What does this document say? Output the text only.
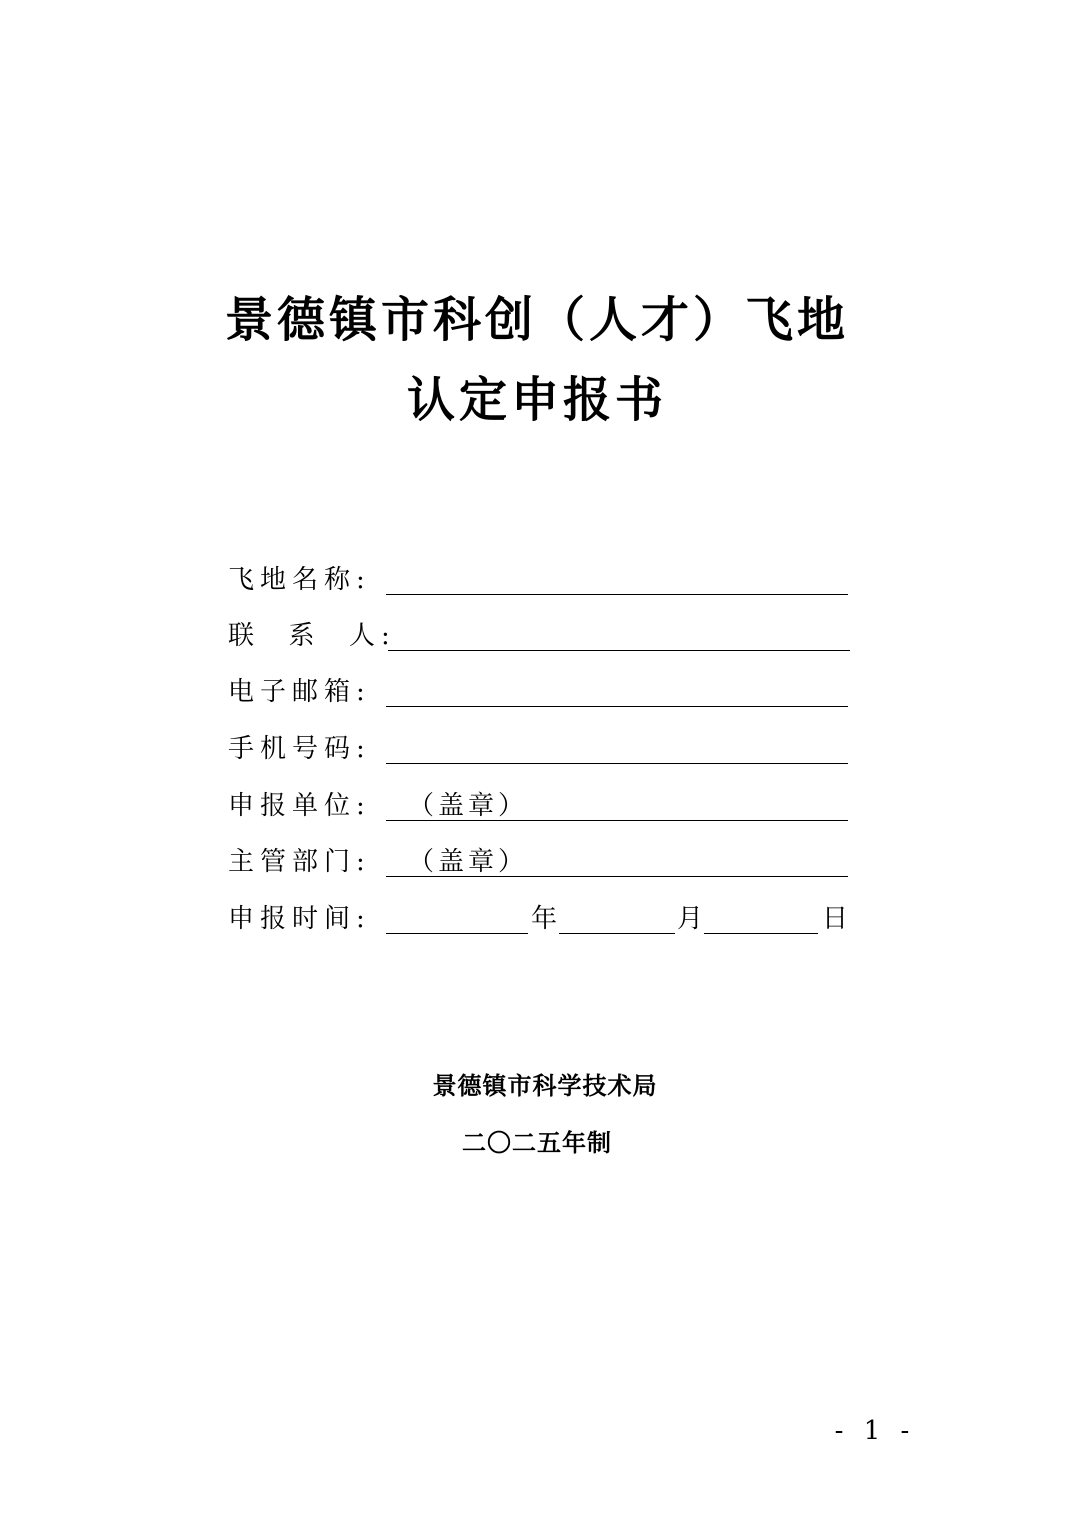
景德镇市科创（人才）飞地
认定申报书
飞地名称:
联  系  人:
电子邮箱:
手机号码:
申报单位: （盖章）
主管部门: （盖章）
申报时间:	年	月	日
景德镇市科学技术局
二〇二五年制
- 1 -
